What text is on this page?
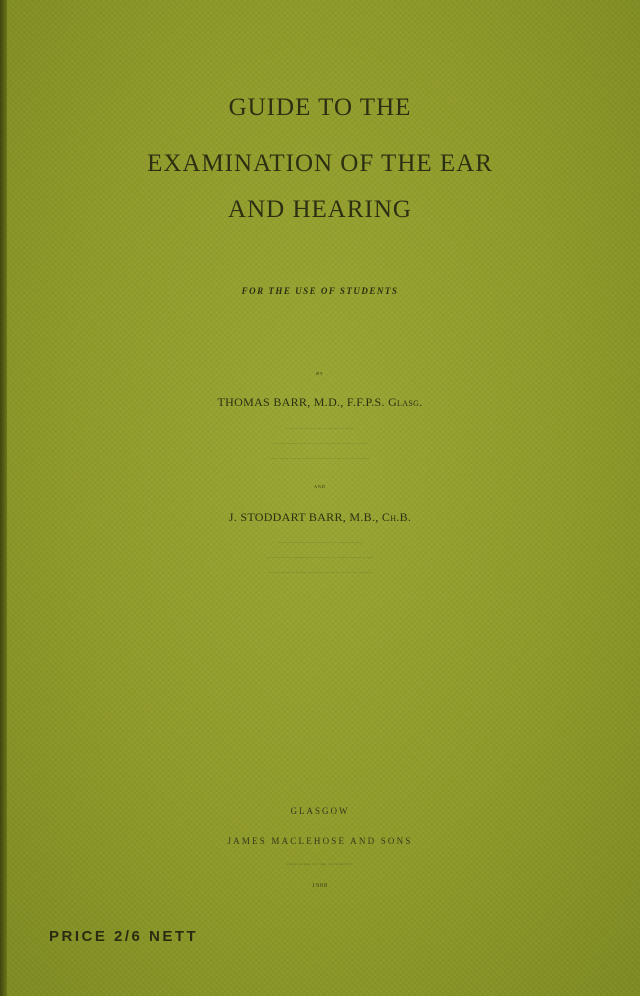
GUIDE TO THE
EXAMINATION OF THE EAR
AND HEARING
FOR THE USE OF STUDENTS
BY
THOMAS BARR, M.D., F.F.P.S. Glasg.
LECTURER ON DISEASES OF THE EAR, GLASGOW UNIVERSITY
DISPENSARY SURGEON FOR DISEASES OF THE EAR, WESTERN INFIRMARY, GLASGOW
AURAL SURGEON TO GLASGOW HOSPITAL FOR DISEASES OF THE EAR, NOSE AND THROAT
AND
J. STODDART BARR, M.B., Ch.B.
ASSISTANT TO LECTURER ON DISEASES OF THE EAR, GLASGOW UNIVERSITY
ASSISTANT DISPENSARY SURGEON FOR DISEASES OF THE EAR, WESTERN INFIRMARY, GLASGOW
ASSISTANT SURGEON TO GLASGOW HOSPITAL FOR DISEASES OF THE EAR, NOSE AND THROAT
GLASGOW
JAMES MACLEHOSE AND SONS
PUBLISHERS TO THE UNIVERSITY
1908
PRICE 2/6 NETT
